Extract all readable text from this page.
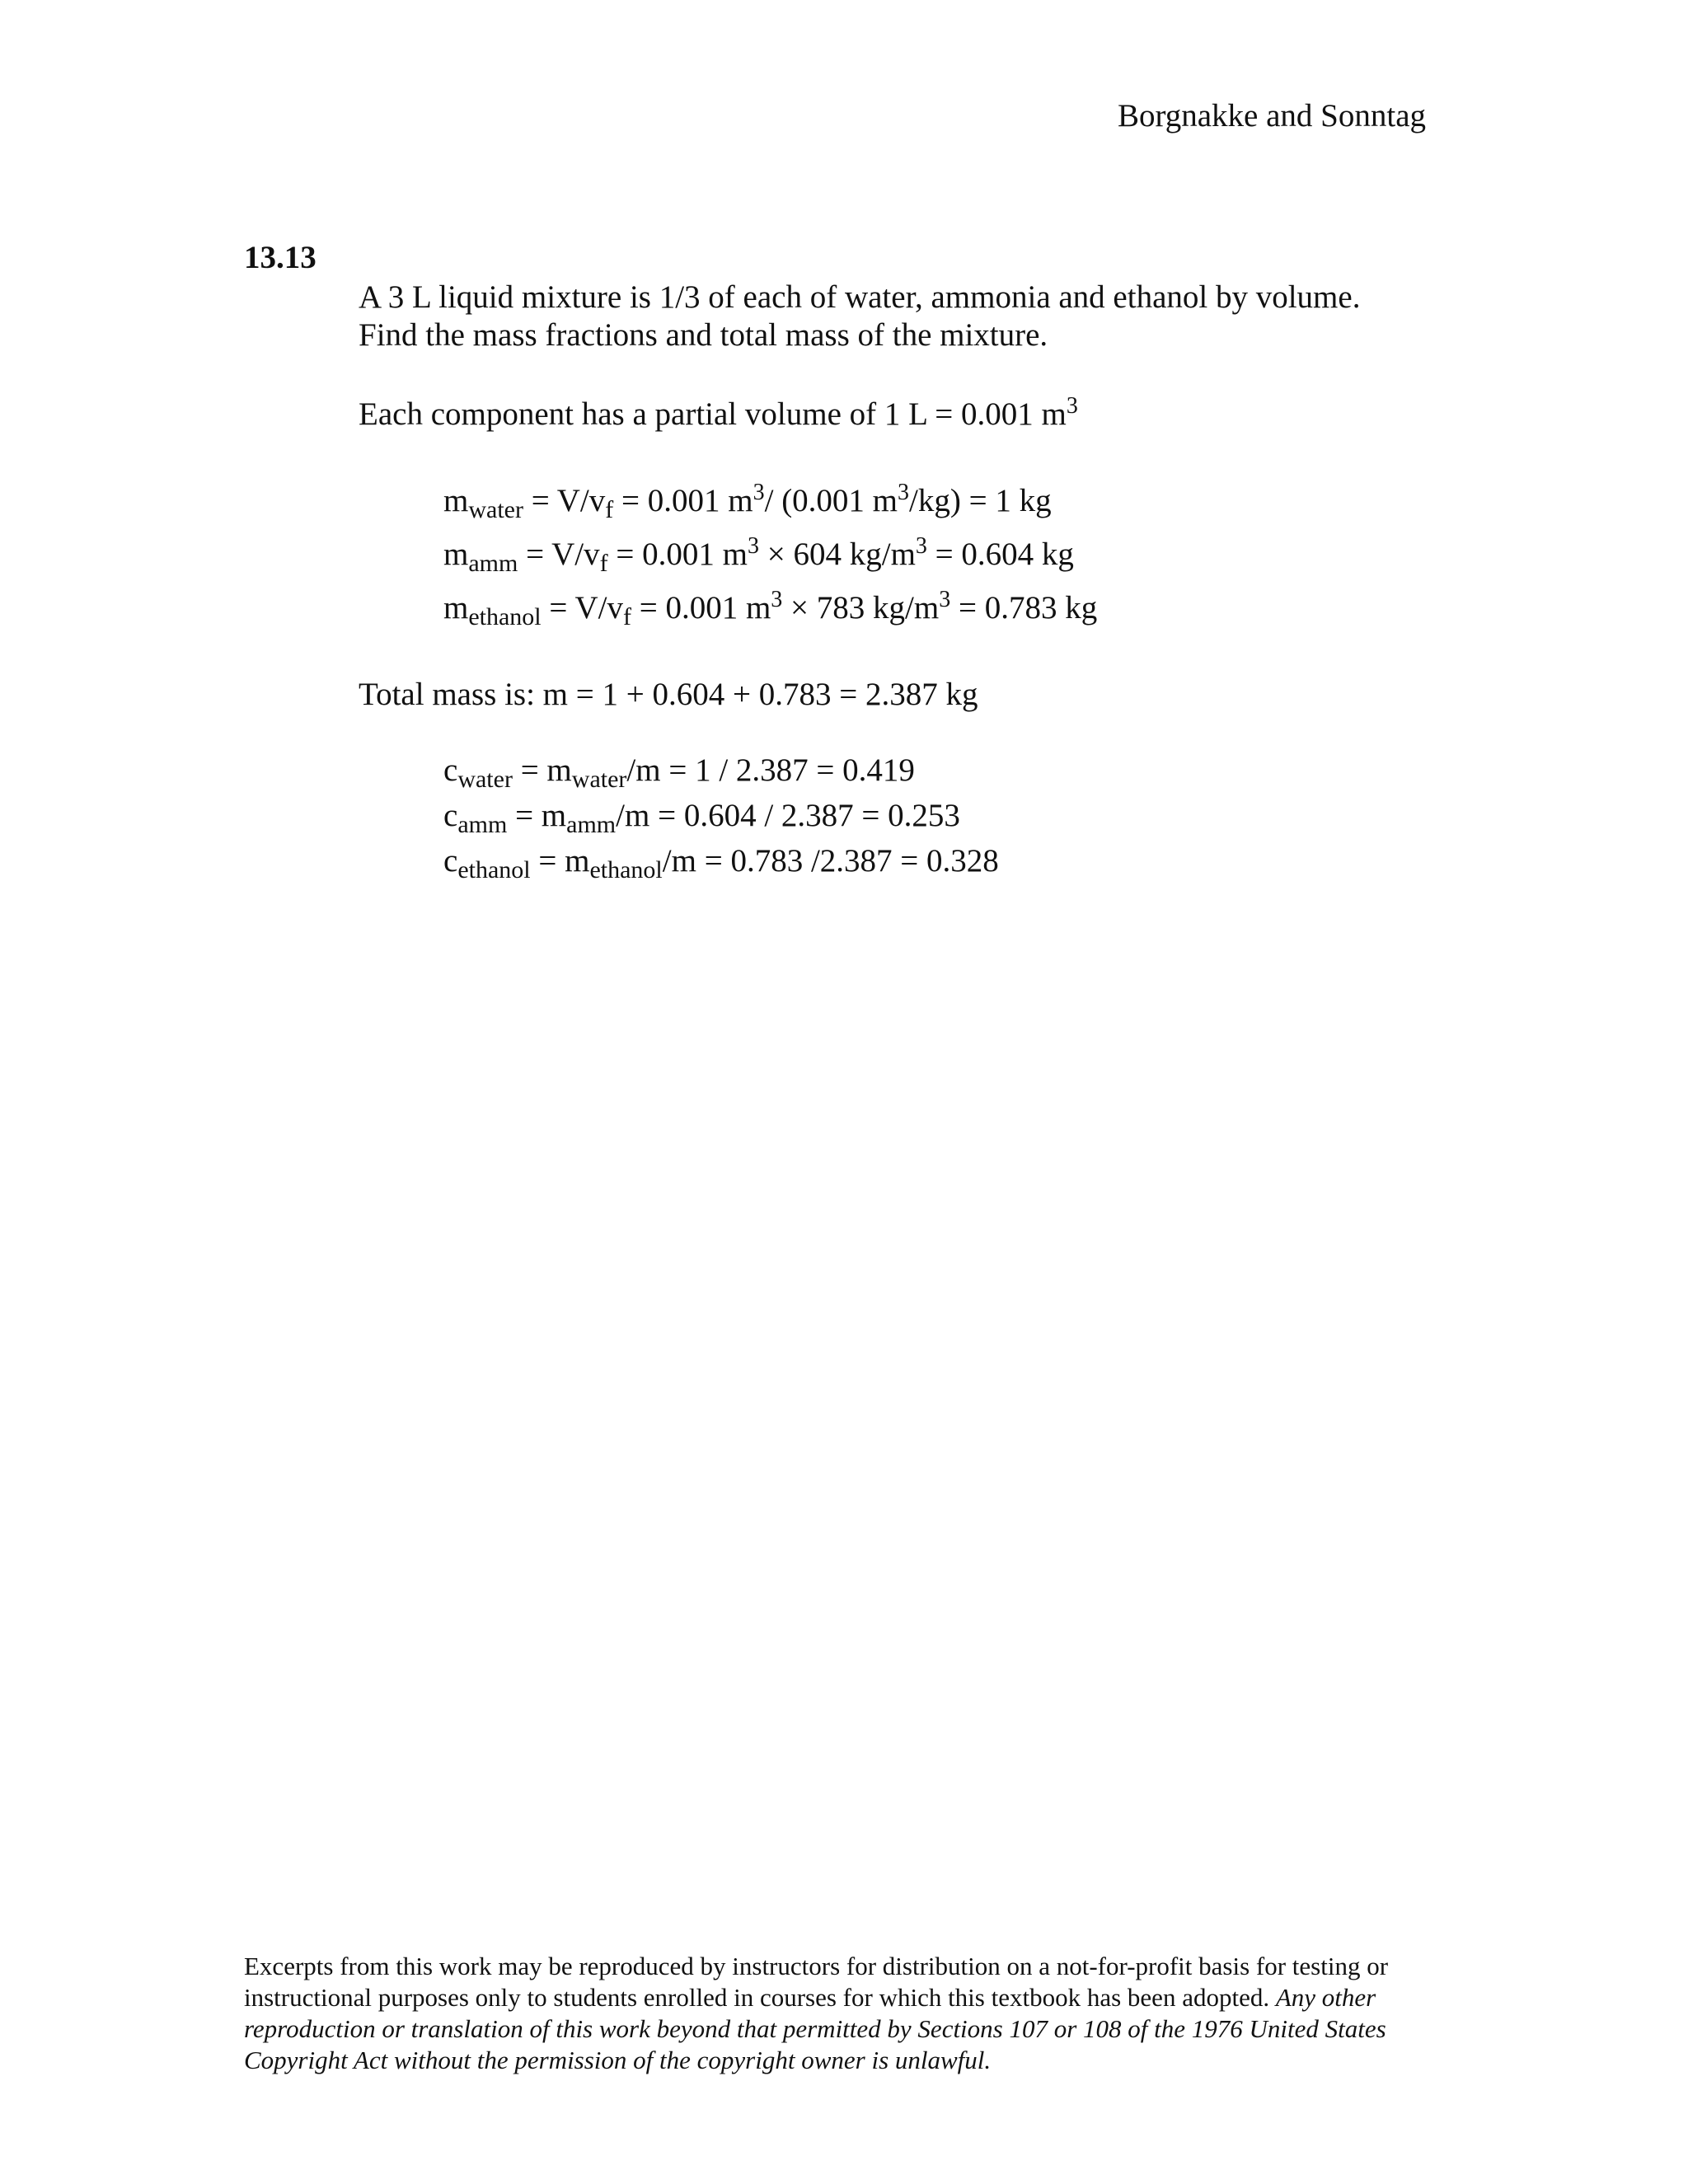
Borgnakke and Sonntag
13.13
A 3 L liquid mixture is 1/3 of each of water, ammonia and ethanol by volume.
Find the mass fractions and total mass of the mixture.
Each component has a partial volume of 1 L = 0.001 $m^3$
$m_{water} = V/v_f = 0.001$ $m^3/$ (0.001 $m^3/kg) = 1$ kg
$m_{amm} = V/v_f = 0.001$ $m^3 \times 604$ $kg/m^3 = 0.604$ kg
$m_{ethanol} = V/v_f = 0.001$ $m^3 \times 783$ $kg/m^3 = 0.783$ kg
Total mass is: m = 1 + 0.604 + 0.783 = 2.387 kg
$c_{water} = m_{water}/m = 1 / 2.387 = 0.419$
$c_{amm} = m_{amm}/m = 0.604 / 2.387 = 0.253$
$c_{ethanol} = m_{ethanol}/m = 0.783$ /2.387 = 0.328
Excerpts from this work may be reproduced by instructors for distribution on a not-for-profit basis for testing or instructional purposes only to students enrolled in courses for which this textbook has been adopted. Any other reproduction or translation of this work beyond that permitted by Sections 107 or 108 of the 1976 United States Copyright Act without the permission of the copyright owner is unlawful.
